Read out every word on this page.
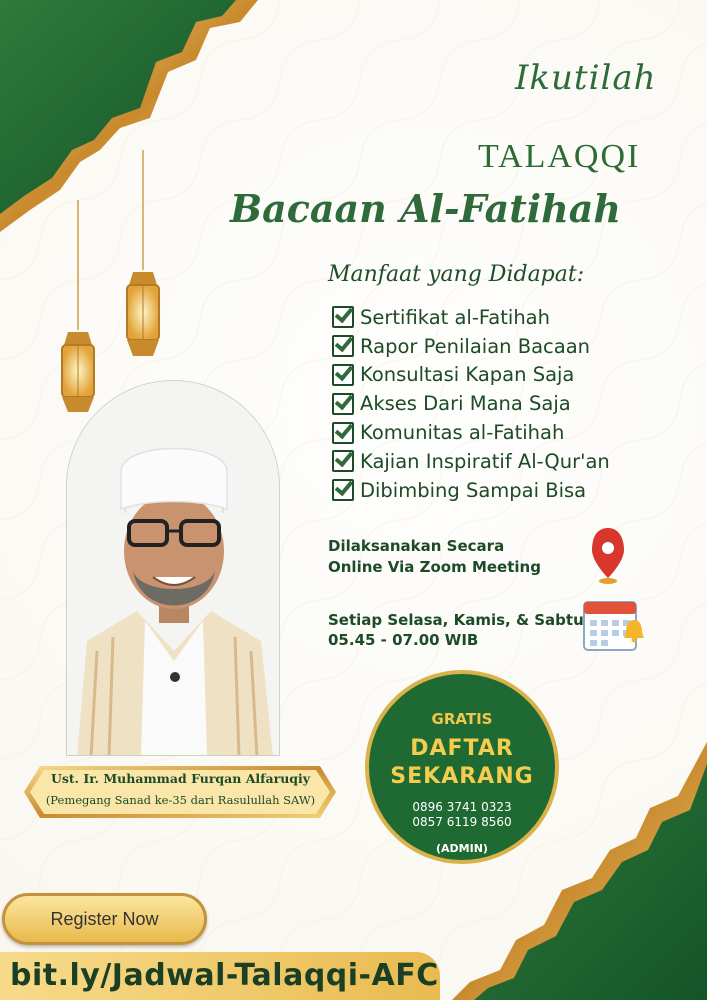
Ikutilah
TALAQQI
Bacaan Al-Fatihah
Manfaat yang Didapat:
Sertifikat al-Fatihah
Rapor Penilaian Bacaan
Konsultasi Kapan Saja
Akses Dari Mana Saja
Komunitas al-Fatihah
Kajian Inspiratif Al-Qur'an
Dibimbing Sampai Bisa
Dilaksanakan Secara
Online Via Zoom Meeting
Setiap Selasa, Kamis, & Sabtu
05.45 - 07.00 WIB
GRATIS
DAFTAR
SEKARANG
0896 3741 0323
0857 6119 8560
(ADMIN)
Ust. Ir. Muhammad Furqan Alfaruqiy
(Pemegang Sanad ke-35 dari Rasulullah SAW)
Register Now
bit.ly/Jadwal-Talaqqi-AFC
